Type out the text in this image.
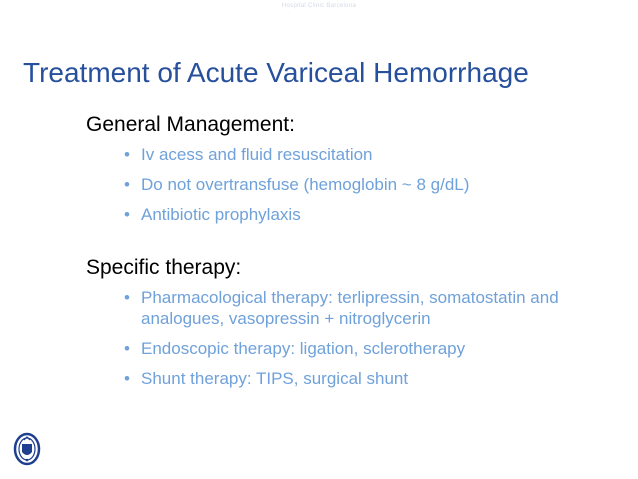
Hospital Clinic Barcelona
Treatment of Acute Variceal Hemorrhage
General Management:
• Iv acess and fluid resuscitation
• Do not overtransfuse (hemoglobin ~ 8 g/dL)
• Antibiotic prophylaxis
Specific therapy:
• Pharmacological therapy: terlipressin, somatostatin and analogues, vasopressin + nitroglycerin
• Endoscopic therapy: ligation, sclerotherapy
• Shunt therapy: TIPS, surgical shunt
